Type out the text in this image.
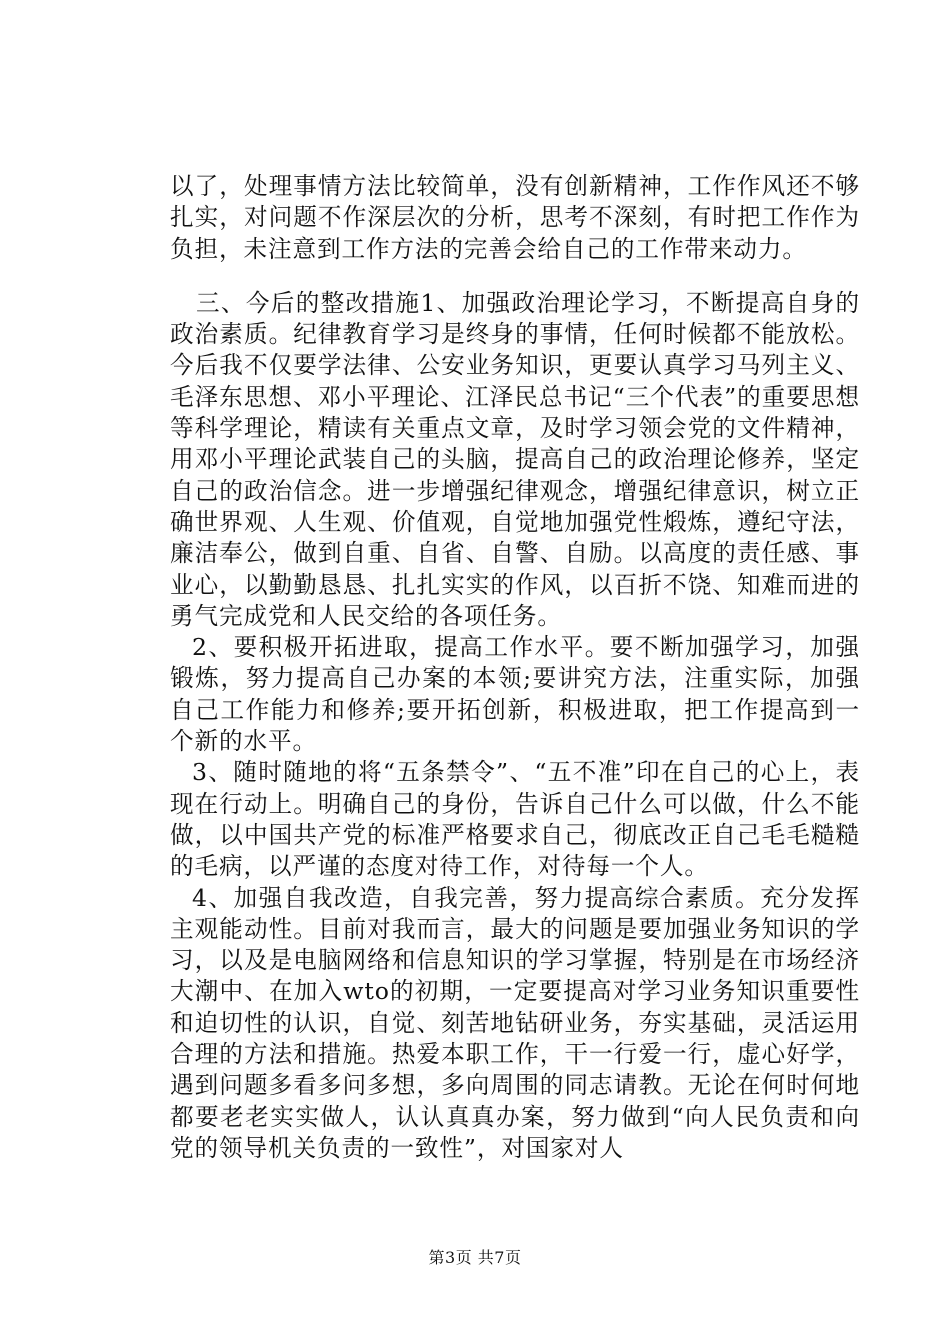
以了，处理事情方法比较简单，没有创新精神，工作作风还不够扎实，对问题不作深层次的分析，思考不深刻，有时把工作作为负担，未注意到工作方法的完善会给自己的工作带来动力。

三、今后的整改措施1、加强政治理论学习，不断提高自身的政治素质。纪律教育学习是终身的事情，任何时候都不能放松。今后我不仅要学法律、公安业务知识，更要认真学习马列主义、毛泽东思想、邓小平理论、江泽民总书记“三个代表”的重要思想等科学理论，精读有关重点文章，及时学习领会党的文件精神，用邓小平理论武装自己的头脑，提高自己的政治理论修养，坚定自己的政治信念。进一步增强纪律观念，增强纪律意识，树立正确世界观、人生观、价值观，自觉地加强党性煅炼，遵纪守法，廉洁奉公，做到自重、自省、自警、自励。以高度的责任感、事业心，以勤勤恳恳、扎扎实实的作风，以百折不饶、知难而进的勇气完成党和人民交给的各项任务。

2、要积极开拓进取，提高工作水平。要不断加强学习，加强锻炼，努力提高自己办案的本领;要讲究方法，注重实际，加强自己工作能力和修养;要开拓创新，积极进取，把工作提高到一个新的水平。

3、随时随地的将“五条禁令”、“五不准”印在自己的心上，表现在行动上。明确自己的身份，告诉自己什么可以做，什么不能做，以中国共产党的标准严格要求自己，彻底改正自己毛毛糙糙的毛病，以严谨的态度对待工作，对待每一个人。

4、加强自我改造，自我完善，努力提高综合素质。充分发挥主观能动性。目前对我而言，最大的问题是要加强业务知识的学习，以及是电脑网络和信息知识的学习掌握，特别是在市场经济大潮中、在加入wto的初期，一定要提高对学习业务知识重要性和迫切性的认识，自觉、刻苦地钻研业务，夯实基础，灵活运用合理的方法和措施。热爱本职工作，干一行爱一行，虚心好学，遇到问题多看多问多想，多向周围的同志请教。无论在何时何地都要老老实实做人，认认真真办案，努力做到“向人民负责和向党的领导机关负责的一致性”，对国家对人

第3页 共7页
